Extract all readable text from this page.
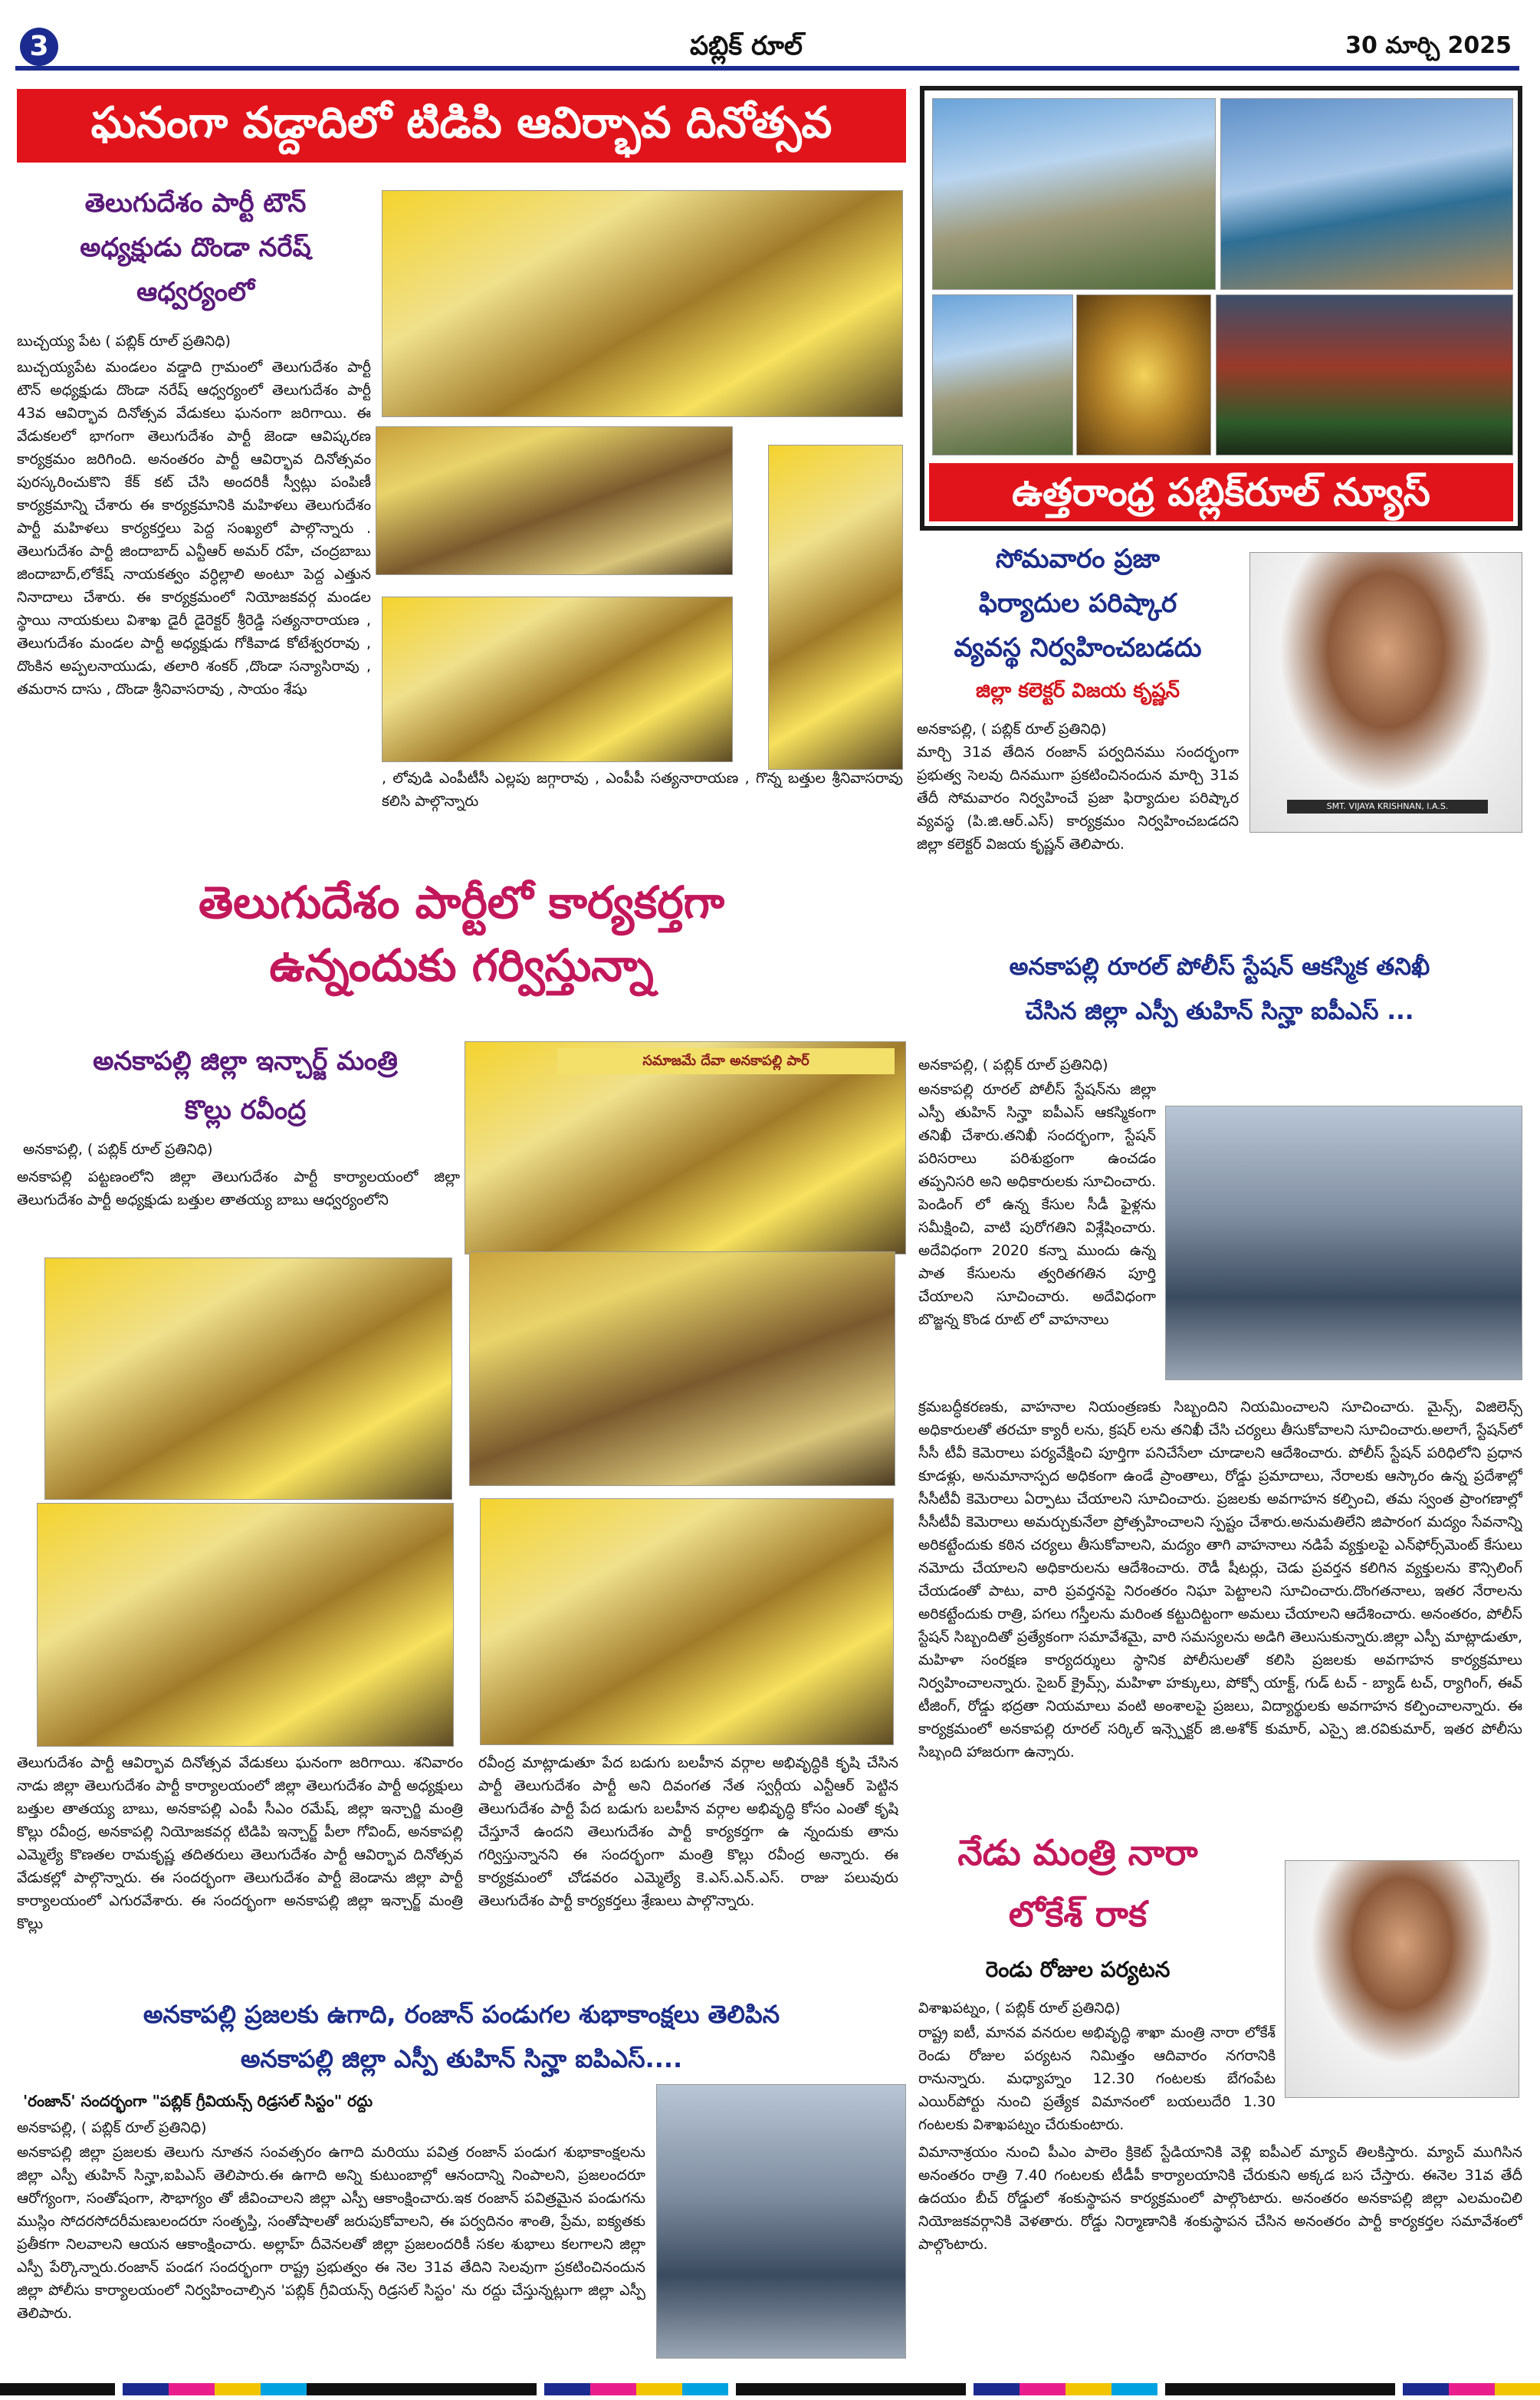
3	పబ్లిక్ రూల్	30 మార్చి 2025
ఘనంగా వడ్దాదిలో టిడిపి ఆవిర్భావ దినోత్సవ
తెలుగుదేశం పార్టీ టౌన్
అధ్యక్షుడు దొండా నరేష్
ఆధ్వర్యంలో
బుచ్చయ్య పేట ( పబ్లిక్ రూల్ ప్రతినిధి)
బుచ్చయ్యపేట మండలం వడ్డాది గ్రామంలో తెలుగుదేశం పార్టీ టౌన్ అధ్యక్షుడు దొండా నరేష్ ఆధ్వర్యంలో తెలుగుదేశం పార్టీ 43వ ఆవిర్భావ దినోత్సవ వేడుకలు ఘనంగా జరిగాయి. ఈ వేడుకలలో భాగంగా తెలుగుదేశం పార్టీ జెండా ఆవిష్కరణ కార్యక్రమం జరిగింది. అనంతరం పార్టీ ఆవిర్భావ దినోత్సవం పురస్కరించుకొని కేక్ కట్ చేసి అందరికీ స్వీట్లు పంపిణీ కార్యక్రమాన్ని చేశారు ఈ కార్యక్రమానికి మహిళలు తెలుగుదేశం పార్టీ మహిళలు కార్యకర్తలు పెద్ద సంఖ్యలో పాల్గొన్నారు . తెలుగుదేశం పార్టీ జిందాబాద్ ఎన్టీఆర్ అమర్ రహే, చంద్రబాబు జిందాబాద్,లోకేష్ నాయకత్వం వర్ధిల్లాలి అంటూ పెద్ద ఎత్తున నినాదాలు చేశారు. ఈ కార్యక్రమంలో నియోజకవర్గ మండల స్థాయి నాయకులు విశాఖ డైరీ డైరెక్టర్ శ్రీరెడ్డి సత్యనారాయణ , తెలుగుదేశం మండల పార్టీ అధ్యక్షుడు గోకివాడ కోటేశ్వరరావు , దొంకిన అప్పలనాయుడు, తలారి శంకర్ ,దొండా సన్యాసిరావు , తమరాన దాసు , దొండా శ్రీనివాసరావు , సాయం శేషు
, లోవుడి ఎంపీటీసీ ఎల్లపు జగ్గారావు , ఎంపీపీ సత్యనారాయణ , గొన్న బత్తుల శ్రీనివాసరావు కలిసి పాల్గొన్నారు
ఉత్తరాంధ్ర పబ్లిక్‌రూల్ న్యూస్
సోమవారం ప్రజా
ఫిర్యాదుల పరిష్కార
వ్యవస్థ నిర్వహించబడదు
జిల్లా కలెక్టర్ విజయ కృష్ణన్
SMT. VIJAYA KRISHNAN, I.A.S.
అనకాపల్లి, ( పబ్లిక్ రూల్ ప్రతినిధి)
మార్చి 31వ తేదిన రంజాన్ పర్వదినము సందర్భంగా ప్రభుత్వ సెలవు దినముగా ప్రకటించినందున మార్చి 31వ తేదీ సోమవారం నిర్వహించే ప్రజా ఫిర్యాదుల పరిష్కార వ్యవస్థ (పి.జి.ఆర్.ఎస్) కార్యక్రమం నిర్వహించబడదని జిల్లా కలెక్టర్ విజయ కృష్ణన్ తెలిపారు.
తెలుగుదేశం పార్టీలో కార్యకర్తగా
ఉన్నందుకు గర్విస్తున్నా
అనకాపల్లి జిల్లా ఇన్చార్జ్ మంత్రి
కొల్లు రవీంద్ర
అనకాపల్లి, ( పబ్లిక్ రూల్ ప్రతినిధి)
అనకాపల్లి పట్టణంలోని జిల్లా తెలుగుదేశం పార్టీ కార్యాలయంలో జిల్లా తెలుగుదేశం పార్టీ అధ్యక్షుడు బత్తుల తాతయ్య బాబు ఆధ్వర్యంలోని
సమాజమే దేవా అనకాపల్లి పార్
తెలుగుదేశం పార్టీ ఆవిర్భావ దినోత్సవ వేడుకలు ఘనంగా జరిగాయి. శనివారం నాడు జిల్లా తెలుగుదేశం పార్టీ కార్యాలయంలో జిల్లా తెలుగుదేశం పార్టీ అధ్యక్షులు బత్తుల తాతయ్య బాబు, అనకాపల్లి ఎంపీ సీఎం రమేష్, జిల్లా ఇన్చార్జి మంత్రి కొల్లు రవీంద్ర, అనకాపల్లి నియోజకవర్గ టిడిపి ఇన్చార్జ్ పీలా గోవింద్, అనకాపల్లి ఎమ్మెల్యే కొణతల రామకృష్ణ తదితరులు తెలుగుదేశం పార్టీ ఆవిర్భావ దినోత్సవ వేడుకల్లో పాల్గొన్నారు. ఈ సందర్భంగా తెలుగుదేశం పార్టీ జెండాను జిల్లా పార్టీ కార్యాలయంలో ఎగురవేశారు. ఈ సందర్భంగా అనకాపల్లి జిల్లా ఇన్చార్జ్ మంత్రి కొల్లు
రవీంద్ర మాట్లాడుతూ పేద బడుగు బలహీన వర్గాల అభివృద్ధికి కృషి చేసిన పార్టీ తెలుగుదేశం పార్టీ అని దివంగత నేత స్వర్గీయ ఎన్టీఆర్ పెట్టిన తెలుగుదేశం పార్టీ పేద బడుగు బలహీన వర్గాల అభివృద్ధి కోసం ఎంతో కృషి చేస్తూనే ఉందని తెలుగుదేశం పార్టీ కార్యకర్తగా ఉ న్నందుకు తాను గర్విస్తున్నానని ఈ సందర్భంగా మంత్రి కొల్లు రవీంద్ర అన్నారు. ఈ కార్యక్రమంలో చోడవరం ఎమ్మెల్యే కె.ఎస్.ఎన్.ఎస్. రాజు పలువురు తెలుగుదేశం పార్టీ కార్యకర్తలు శ్రేణులు పాల్గొన్నారు.
అనకాపల్లి రూరల్ పోలీస్ స్టేషన్ ఆకస్మిక తనిఖీ
చేసిన జిల్లా ఎస్పీ తుహిన్ సిన్హా ఐపీఎస్ ...
అనకాపల్లి, ( పబ్లిక్ రూల్ ప్రతినిధి)
అనకాపల్లి రూరల్ పోలీస్ స్టేషన్‌ను జిల్లా ఎస్పీ తుహిన్ సిన్హా ఐపీఎస్ ఆకస్మికంగా తనిఖీ చేశారు.తనిఖీ సందర్భంగా, స్టేషన్ పరిసరాలు పరిశుభ్రంగా ఉంచడం తప్పనిసరి అని అధికారులకు సూచించారు. పెండింగ్ లో ఉన్న కేసుల సీడీ ఫైళ్లను సమీక్షించి, వాటి పురోగతిని విశ్లేషించారు. అదేవిధంగా 2020 కన్నా ముందు ఉన్న పాత కేసులను త్వరితగతిన పూర్తి చేయాలని సూచించారు. అదేవిధంగా బొజ్జన్న కొండ రూట్ లో వాహనాలు
క్రమబద్ధీకరణకు, వాహనాల నియంత్రణకు సిబ్బందిని నియమించాలని సూచించారు. మైన్స్, విజిలెన్స్ అధికారులతో తరచూ క్యారీ లను, క్రషర్ లను తనిఖీ చేసి చర్యలు తీసుకోవాలని సూచించారు.అలాగే, స్టేషన్‌లో సీసీ టీవీ కెమెరాలు పర్యవేక్షించి పూర్తిగా పనిచేసేలా చూడాలని ఆదేశించారు. పోలీస్ స్టేషన్ పరిధిలోని ప్రధాన కూడళ్లు, అనుమానాస్పద అధికంగా ఉండే ప్రాంతాలు, రోడ్డు ప్రమాదాలు, నేరాలకు ఆస్కారం ఉన్న ప్రదేశాల్లో సీసీటీవీ కెమెరాలు ఏర్పాటు చేయాలని సూచించారు. ప్రజలకు అవగాహన కల్పించి, తమ స్వంత ప్రాంగణాల్లో సీసీటీవీ కెమెరాలు అమర్చుకునేలా ప్రోత్సహించాలని స్పష్టం చేశారు.అనుమతిలేని జిపారంగ మద్యం సేవనాన్ని అరికట్టేందుకు కఠిన చర్యలు తీసుకోవాలని, మద్యం తాగి వాహనాలు నడిపే వ్యక్తులపై ఎన్‌ఫోర్స్‌మెంట్ కేసులు నమోదు చేయాలని అధికారులను ఆదేశించారు. రౌడీ షీటర్లు, చెడు ప్రవర్తన కలిగిన వ్యక్తులను కౌన్సిలింగ్ చేయడంతో పాటు, వారి ప్రవర్తనపై నిరంతరం నిఘా పెట్టాలని సూచించారు.దొంగతనాలు, ఇతర నేరాలను అరికట్టేందుకు రాత్రి, పగలు గస్తీలను మరింత కట్టుదిట్టంగా అమలు చేయాలని ఆదేశించారు. అనంతరం, పోలీస్ స్టేషన్ సిబ్బందితో ప్రత్యేకంగా సమావేశమై, వారి సమస్యలను అడిగి తెలుసుకున్నారు.జిల్లా ఎస్పీ మాట్లాడుతూ, మహిళా సంరక్షణ కార్యదర్శులు స్థానిక పోలీసులతో కలిసి ప్రజలకు అవగాహన కార్యక్రమాలు నిర్వహించాలన్నారు. సైబర్ క్రైమ్స్, మహిళా హక్కులు, పోక్సో యాక్ట్, గుడ్ టచ్ - బ్యాడ్ టచ్, ర్యాగింగ్, ఈవ్ టీజింగ్, రోడ్డు భద్రతా నియమాలు వంటి అంశాలపై ప్రజలు, విద్యార్థులకు అవగాహన కల్పించాలన్నారు. ఈ కార్యక్రమంలో అనకాపల్లి రూరల్ సర్కిల్ ఇన్స్పెక్టర్ జి.అశోక్ కుమార్, ఎస్సై జి.రవికుమార్, ఇతర పోలీసు సిబ్బంది హాజరుగా ఉన్నారు.
నేడు మంత్రి నారా
లోకేశ్ రాక
రెండు రోజుల పర్యటన
విశాఖపట్నం, ( పబ్లిక్ రూల్ ప్రతినిధి)
రాష్ట్ర ఐటీ, మానవ వనరుల అభివృద్ధి శాఖా మంత్రి నారా లోకేశ్ రెండు రోజుల పర్యటన నిమిత్తం ఆదివారం నగరానికి రానున్నారు. మధ్యాహ్నం 12.30 గంటలకు బేగంపేట ఎయిర్‌పోర్టు నుంచి ప్రత్యేక విమానంలో బయలుదేరి 1.30 గంటలకు విశాఖపట్నం చేరుకుంటారు.
విమానాశ్రయం నుంచి పీఎం పాలెం క్రికెట్ స్టేడియానికి వెళ్లి ఐపీఎల్ మ్యాచ్ తిలకిస్తారు. మ్యాచ్ ముగిసిన అనంతరం రాత్రి 7.40 గంటలకు టీడీపీ కార్యాలయానికి చేరుకుని అక్కడ బస చేస్తారు. ఈనెల 31వ తేదీ ఉదయం బీచ్ రోడ్డులో శంకుస్థాపన కార్యక్రమంలో పాల్గొంటారు. అనంతరం అనకాపల్లి జిల్లా ఎలమంచిలి నియోజకవర్గానికి వెళతారు. రోడ్డు నిర్మాణానికి శంకుస్థాపన చేసిన అనంతరం పార్టీ కార్యకర్తల సమావేశంలో పాల్గొంటారు.
అనకాపల్లి ప్రజలకు ఉగాది, రంజాన్ పండుగల శుభాకాంక్షలు తెలిపిన
అనకాపల్లి జిల్లా ఎస్పీ తుహిన్ సిన్హా ఐపిఎస్....
'రంజాన్' సందర్భంగా "పబ్లిక్ గ్రీవియన్స్ రిడ్రసల్ సిస్టం" రద్దు
అనకాపల్లి, ( పబ్లిక్ రూల్ ప్రతినిధి)
అనకాపల్లి జిల్లా ప్రజలకు తెలుగు నూతన సంవత్సరం ఉగాది మరియు పవిత్ర రంజాన్ పండుగ శుభాకాంక్షలను జిల్లా ఎస్పీ తుహిన్ సిన్హా,ఐపిఎస్ తెలిపారు.ఈ ఉగాది అన్ని కుటుంబాల్లో ఆనందాన్ని నింపాలని, ప్రజలందరూ ఆరోగ్యంగా, సంతోషంగా, సౌభాగ్యం తో జీవించాలని జిల్లా ఎస్పీ ఆకాంక్షించారు.ఇక రంజాన్ పవిత్రమైన పండుగను ముస్లిం సోదరసోదరీమణులందరూ సంతృప్తి, సంతోషాలతో జరుపుకోవాలని, ఈ పర్వదినం శాంతి, ప్రేమ, ఐక్యతకు ప్రతీకగా నిలవాలని ఆయన ఆకాంక్షించారు. అల్లాహ్ దీవెనలతో జిల్లా ప్రజలందరికీ సకల శుభాలు కలగాలని జిల్లా ఎస్పీ పేర్కొన్నారు.రంజాన్ పండగ సందర్భంగా రాష్ట్ర ప్రభుత్వం ఈ నెల 31వ తేదిని సెలవుగా ప్రకటించినందున జిల్లా పోలీసు కార్యాలయంలో నిర్వహించాల్సిన 'పబ్లిక్ గ్రీవియన్స్ రిడ్రసల్ సిస్టం' ను రద్దు చేస్తున్నట్లుగా జిల్లా ఎస్పీ తెలిపారు.
